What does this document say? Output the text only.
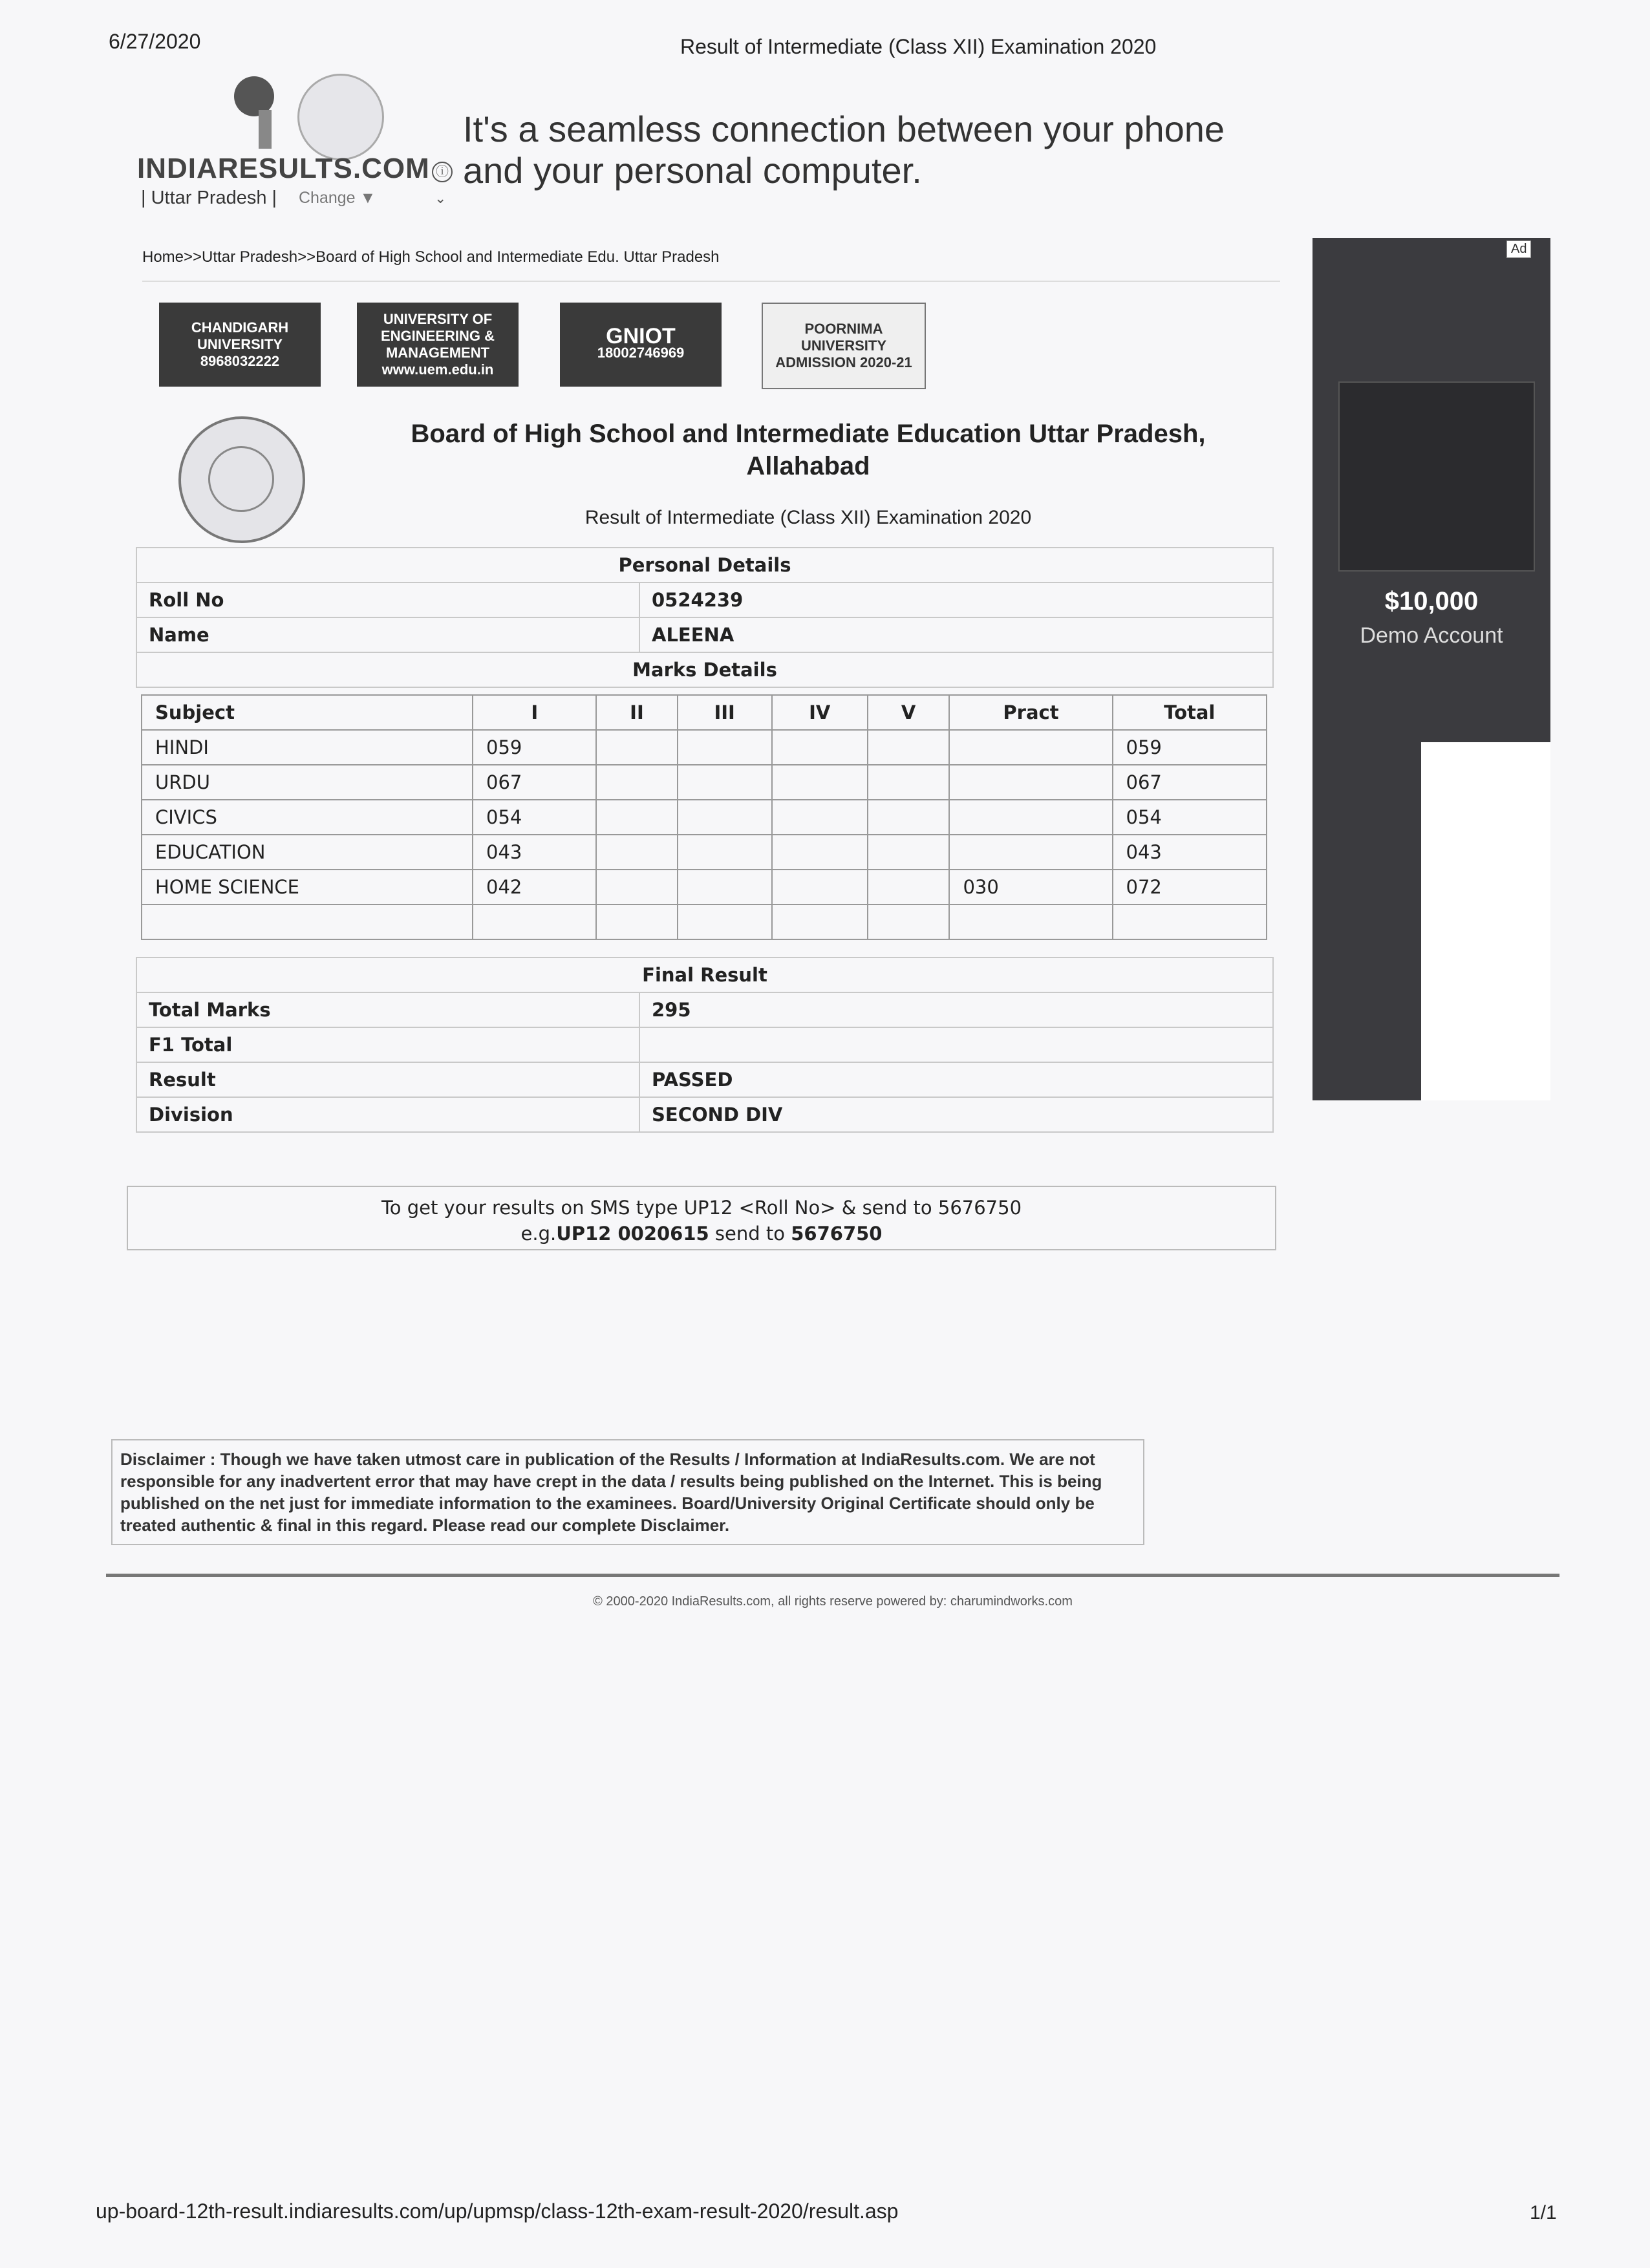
6/27/2020	Result of Intermediate (Class XII) Examination 2020
INDIARESULTS.COM
| Uttar Pradesh | Change ▼
ⓘ
⌄
It's a seamless connection between your phone and your personal computer.
Home>>Uttar Pradesh>>Board of High School and Intermediate Edu. Uttar Pradesh
CHANDIGARH UNIVERSITY
8968032222
UNIVERSITY OF ENGINEERING & MANAGEMENT
www.uem.edu.in
GNIOT
18002746969
POORNIMA UNIVERSITY
ADMISSION 2020-21
Board of High School and Intermediate Education Uttar Pradesh, Allahabad
Result of Intermediate (Class XII) Examination 2020
Personal Details	
Roll No	0524239
Name	ALEENA
Marks Details	
Subject	I	II	III	IV	V	Pract	Total
HINDI	059						059
URDU	067						067
CIVICS	054						054
EDUCATION	043						043
HOME SCIENCE	042					030	072

Final Result	
Total Marks	295
F1 Total	
Result	PASSED
Division	SECOND DIV
Ad
$10,000
Demo Account
To get your results on SMS type UP12 <Roll No> & send to 5676750
e.g.UP12 0020615 send to 5676750
Disclaimer : Though we have taken utmost care in publication of the Results / Information at IndiaResults.com. We are not responsible for any inadvertent error that may have crept in the data / results being published on the Internet. This is being published on the net just for immediate information to the examinees. Board/University Original Certificate should only be treated authentic & final in this regard. Please read our complete Disclaimer.
© 2000-2020 IndiaResults.com, all rights reserve powered by: charumindworks.com
up-board-12th-result.indiaresults.com/up/upmsp/class-12th-exam-result-2020/result.asp	1/1
